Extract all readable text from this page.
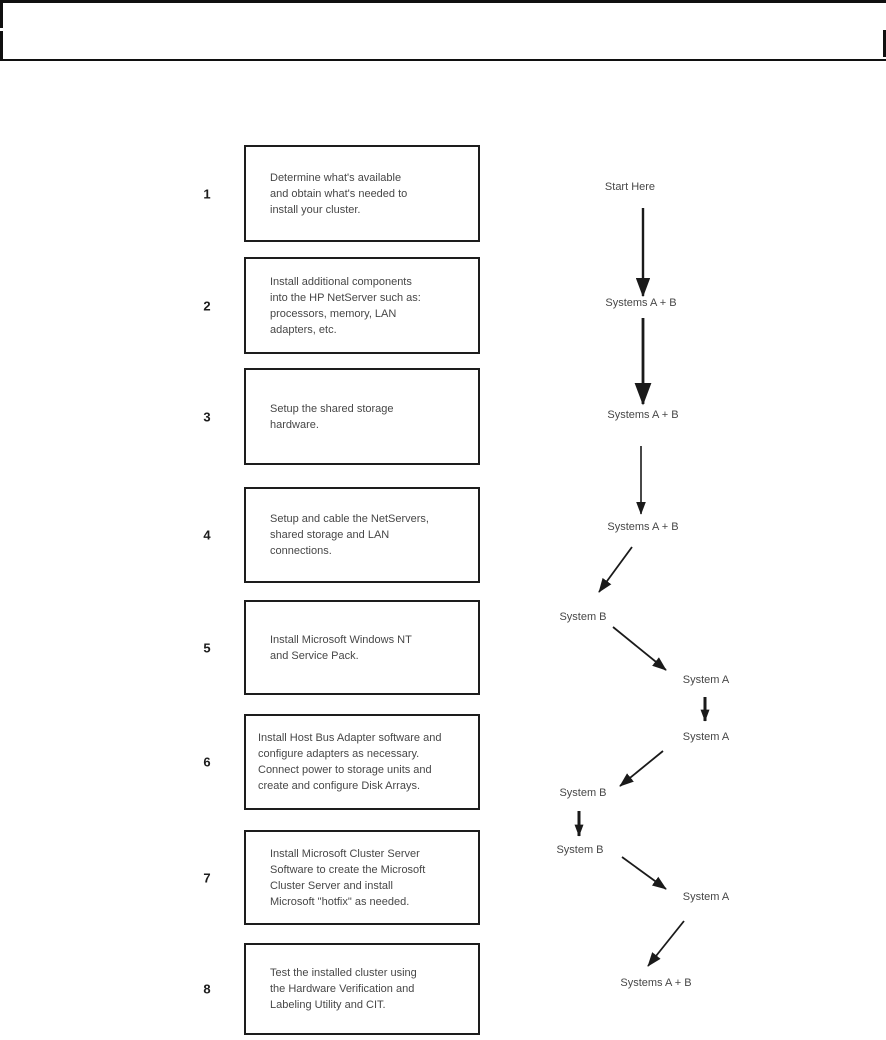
1
Determine what's available
and obtain what's needed to
install your cluster.
2
Install additional components
into the HP NetServer such as:
processors, memory, LAN
adapters, etc.
3
Setup the shared storage
hardware.
4
Setup and cable the NetServers,
shared storage and LAN
connections.
5
Install Microsoft Windows NT
and Service Pack.
6
Install Host Bus Adapter software and
configure adapters as necessary.
Connect power to storage units and
create and configure Disk Arrays.
7
Install Microsoft Cluster Server
Software to create the Microsoft
Cluster Server and install
Microsoft "hotfix" as needed.
8
Test the installed cluster using
the Hardware Verification and
Labeling Utility and CIT.
Start Here
Systems A + B
Systems A + B
Systems A + B
System B
System A
System A
System B
System B
System A
Systems A + B
